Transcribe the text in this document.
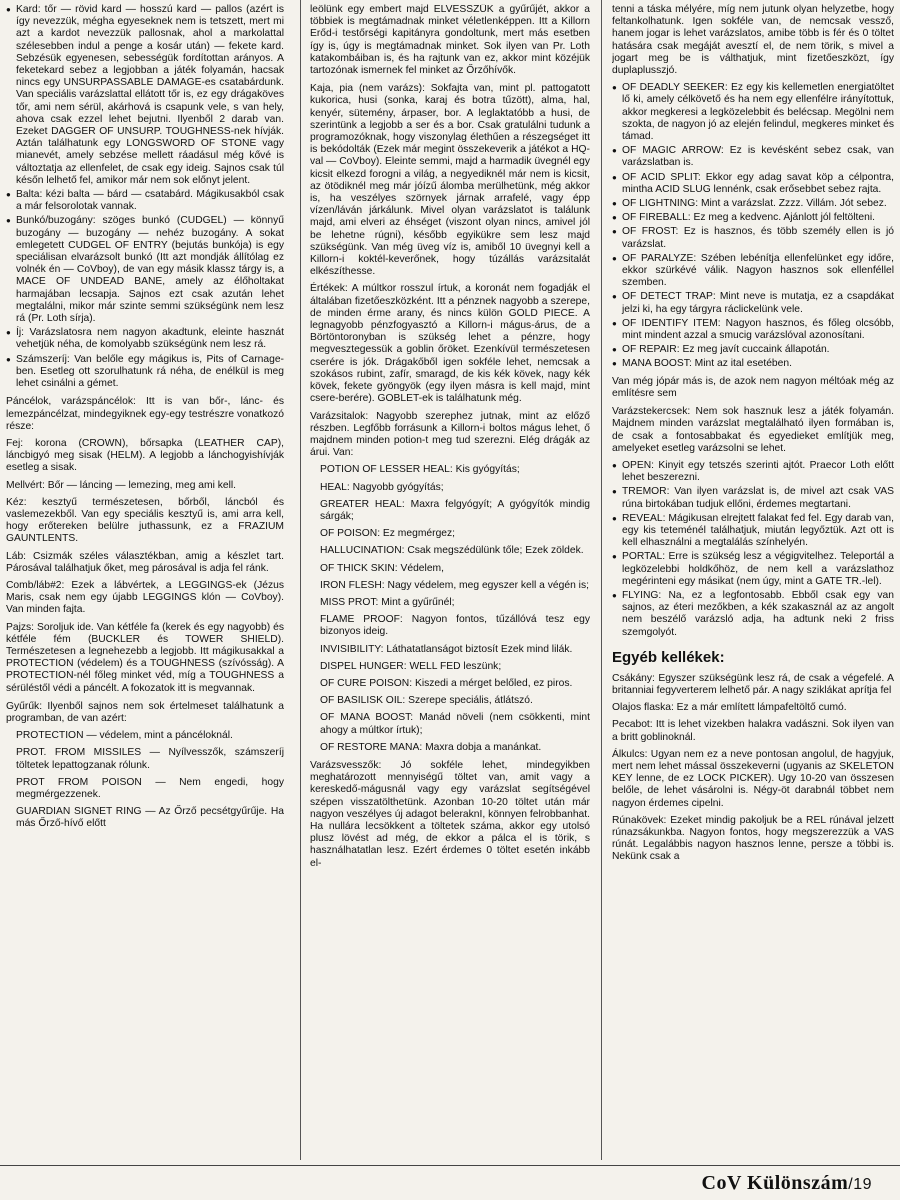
● Kard: tőr — rövid kard — hosszú kard — pallos (azért is így nevezzük, mégha egyeseknek nem is tetszett, mert mi azt a kardot nevezzük pallosnak, ahol a markolattal szélesebben indul a penge a kosár után) — fekete kard. Sebzésük egyenesen, sebességük fordítottan arányos. A feketekard sebez a legjobban a játék folyamán, hacsak nincs egy UNSURPASSABLE DAMAGE-es csatabárdunk. Van speciális varázslattal ellátott tőr is, ez egy drágaköves tőr, ami nem sérül, akárhová is csapunk vele, s van hely, ahova csak ezzel lehet bejutni. Ilyenből 2 darab van. Ezeket DAGGER OF UNSURP. TOUGHNESS-nek hívják. Aztán találhatunk egy LONGSWORD OF STONE vagy mianevét, amely sebzése mellett ráadásul még kővé is változtatja az ellenfelet, de csak egy ideig. Sajnos csak túl későn lelhető fel, amikor már nem sok előnyt jelent.
● Balta: kézi balta — bárd — csatabárd. Mágikusakból csak a már felsorolotak vannak.
● Bunkó/buzogány: szöges bunkó (CUDGEL) — könnyű buzogány — buzogány — nehéz buzogány. A sokat emlegetett CUDGEL OF ENTRY (bejutás bunkója) is egy speciálisan elvarázsolt bunkó (Itt azt mondják állítólag ez volnék én — CoVboy), de van egy másik klassz tárgy is, a MACE OF UNDEAD BANE, amely az élőholtakat harmajában lecsapja. Sajnos ezt csak azután lehet megtalálni, mikor már szinte semmi szükségünk nem lesz rá (Pr. Loth sírja).
● Íj: Varázslatosra nem nagyon akadtunk, eleinte hasznát vehetjük néha, de komolyabb szükségünk nem lesz rá.
● Számszeríj: Van belőle egy mágikus is, Pits of Carnage-ben. Esetleg ott szorulhatunk rá néha, de enélkül is meg lehet csinálni a gémet.

Páncélok, varázspáncélok: Itt is van bőr-, lánc- és lemezpáncélzat, mindegyiknek egy-egy testrészre vonatkozó része:

Fej: korona (CROWN), bőrsapka (LEATHER CAP), láncbigyó meg sisak (HELM). A legjobb a lánchogyishívják esetleg a sisak.

Mellvért: Bőr — láncing — lemezing, meg ami kell.

Kéz: kesztyű természetesen, bőrből, láncból és vaslemezekből. Van egy speciális kesztyű is, ami arra kell, hogy erőtereken belülre juthassunk, ez a FRAZIUM GAUNTLENTS.

Láb: Csizmák széles választékban, amig a készlet tart. Párosával találhatjuk őket, meg párosával is adja fel ránk.

Comb/láb#2: Ezek a lábvértek, a LEGGINGS-ek (Jézus Maris, csak nem egy újabb LEGGINGS klón — CoVboy). Van minden fajta.

Pajzs: Soroljuk ide. Van kétféle fa (kerek és egy nagyobb) és kétféle fém (BUCKLER és TOWER SHIELD). Természetesen a legnehezebb a legjobb. Itt mágikusakkal a PROTECTION (védelem) és a TOUGHNESS (szívósság). A PROTECTION-nél főleg minket véd, míg a TOUGHNESS a sérüléstől védi a páncélt. A fokozatok itt is megvannak.

Gyűrűk: Ilyenből sajnos nem sok értelmeset találhatunk a programban, de van azért:

PROTECTION — védelem, mint a páncéloknál.

PROT. FROM MISSILES — Nyílvesszők, számszeríj töltetek lepattogzanak rólunk.

PROT FROM POISON — Nem engedi, hogy megmérgezzenek.

GUARDIAN SIGNET RING — Az Őrző pecsétgyűrűje. Ha más Őrző-hívő előtt

leölünk egy embert majd ELVESSZÜK a gyűrűjét, akkor a többiek is megtámadnak minket véletlenképpen. Itt a Killorn Erőd-i testőrségi kapitányra gondoltunk, mert más esetben így is, úgy is megtámadnak minket. Sok ilyen van Pr. Loth katakombáiban is, és ha rajtunk van ez, akkor mint közéjük tartozónak ismernek fel minket az Őrzőhívők.

Kaja, pia (nem varázs): Sokfajta van, mint pl. pattogatott kukorica, husi (sonka, karaj és botra tűzött), alma, hal, kenyér, sütemény, árpaser, bor. A leglaktatóbb a husi, de szerintünk a legjobb a ser és a bor. Csak gratulálni tudunk a programozóknak, hogy viszonylag élethűen a részegséget itt is bekódolták (Ezek már megint összekeverik a játékot a HQ-val — CoVboy). Eleinte semmi, majd a harmadik üvegnél egy kicsit elkezd forogni a világ, a negyediknél már nem is kicsit, az ötödiknél meg már jóízű álomba merülhetünk, még akkor is, ha veszélyes szörnyek járnak arrafelé, vagy épp vízen/láván járkálunk. Mivel olyan varázslatot is találunk majd, ami elveri az éhséget (viszont olyan nincs, amivel jól be lehetne rúgni), később egyikükre sem lesz majd szükségünk. Van még üveg víz is, amiből 10 üvegnyi kell a Killorn-i koktél-keverőnek, hogy túzállás varázsitalát elkészíthesse.

Értékek: A múltkor rosszul írtuk, a koronát nem fogadják el általában fizetőeszközként. Itt a pénznek nagyobb a szerepe, de minden érme arany, és nincs külön GOLD PIECE. A legnagyobb pénzfogyasztó a Killorn-i mágus-árus, de a Börtöntoronyban is szükség lehet a pénzre, hogy megvesztegessük a goblin őröket. Ezenkívül természetesen cserére is jók. Drágakőből igen sokféle lehet, nemcsak a szokásos rubint, zafír, smaragd, de kis kék kövek, nagy kék kövek, fekete gyöngyök (egy ilyen másra is kell majd, mint csere-berére). GOBLET-ek is találhatunk még.

Varázsitalok: Nagyobb szerephez jutnak, mint az előző részben. Legfőbb forrásunk a Killorn-i boltos mágus lehet, ő majdnem minden potion-t meg tud szerezni. Elég drágák az árui. Van:

POTION OF LESSER HEAL: Kis gyógyítás;

HEAL: Nagyobb gyógyítás;

GREATER HEAL: Maxra felgyógyít; A gyógyítók mindig sárgák;

OF POISON: Ez megmérgez;

HALLUCINATION: Csak megszédülünk tőle; Ezek zöldek.

OF THICK SKIN: Védelem,

IRON FLESH: Nagy védelem, meg egyszer kell a végén is;

MISS PROT: Mint a gyűrűnél;

FLAME PROOF: Nagyon fontos, tűzállóvá tesz egy bizonyos ideig.

INVISIBILITY: Láthatatlanságot biztosít Ezek mind lilák.

DISPEL HUNGER: WELL FED leszünk;

OF CURE POISON: Kiszedi a mérget belőled, ez piros.

OF BASILISK OIL: Szerepe speciális, átlátszó.

OF MANA BOOST: Manád növeli (nem csökkenti, mint ahogy a múltkor írtuk);

OF RESTORE MANA: Maxra dobja a manánkat.

Varázsvesszők: Jó sokféle lehet, mindegyikben meghatározott mennyiségű töltet van, amit vagy a kereskedő-mágusnál vagy egy varázslat segítségével szépen visszatölthetünk. Azonban 10-20 töltet után már nagyon veszélyes új adagot beleraknI, könnyen felrobbanhat. Ha nullára lecsökkent a töltetek száma, akkor egy utolsó plusz lövést ad még, de ekkor a pálca el is törik, s használhatatlan lesz. Ezért érdemes 0 töltet esetén inkább el-

tenni a táska mélyére, míg nem jutunk olyan helyzetbe, hogy feltankolhatunk. Igen sokféle van, de nemcsak vessző, hanem jogar is lehet varázslatos, amibe több is fér és 0 töltet hatására csak megáját avesztí el, de nem törik, s mivel a jogart meg be is válthatjuk, mint fizetőeszközt, így duplaplusszjó.

● OF DEADLY SEEKER: Ez egy kis kellemetlen energiatöltet lő ki, amely célkövető és ha nem egy ellenfélre irányítottuk, akkor megkeresi a legközelebbit és belécsap. Megölni nem szokta, de nagyon jó az elején felindul, megkeres minket és támad.
● OF MAGIC ARROW: Ez is kevésként sebez csak, van varázslatban is.
● OF ACID SPLIT: Ekkor egy adag savat köp a célpontra, mintha ACID SLUG lennénk, csak erősebbet sebez rajta.
● OF LIGHTNING: Mint a varázslat. Zzzz. Villám. Jót sebez.
● OF FIREBALL: Ez meg a kedvenc. Ajánlott jól feltölteni.
● OF FROST: Ez is hasznos, és több személy ellen is jó varázslat.
● OF PARALYZE: Szében lebénítja ellenfelünket egy időre, ekkor szürkévé válik. Nagyon hasznos sok ellenféllel szemben.
● OF DETECT TRAP: Mint neve is mutatja, ez a csapdákat jelzi ki, ha egy tárgyra ráclickelünk vele.
● OF IDENTIFY ITEM: Nagyon hasznos, és főleg olcsóbb, mint mindent azzal a smucig varázslóval azonosítani.
● OF REPAIR: Ez meg javít cuccaink állapotán.
● MANA BOOST: Mint az ital esetében.

Van még jópár más is, de azok nem nagyon méltóak még az említésre sem

Varázstekercsek: Nem sok hasznuk lesz a játék folyamán. Majdnem minden varázslat megtalálható ilyen formában is, de csak a fontosabbakat és egyedieket említjük meg, amelyeket esetleg varázsolni se lehet.

● OPEN: Kinyit egy tetszés szerinti ajtót. Praecor Loth előtt lehet beszerezni.
● TREMOR: Van ilyen varázslat is, de mivel azt csak VAS rúna birtokában tudjuk ellőni, érdemes megtartani.
● REVEAL: Mágikusan elrejtett falakat fed fel. Egy darab van, egy kis teteménél találhatjuk, miután legyőztük. Azt ott is kell elhasználni a megtalálás színhelyén.
● PORTAL: Erre is szükség lesz a végigvitelhez. Teleportál a legközelebbi holdkőhöz, de nem kell a varázslathoz megérinteni egy másikat (nem úgy, mint a GATE TR.-lel).
● FLYING: Na, ez a legfontosabb. Ebből csak egy van sajnos, az éteri mezőkben, a kék szakasznál az az angolt nem beszélő varázsló adja, ha adtunk neki 2 friss szemgolyót.
Egyéb kellékek:

Csákány: Egyszer szükségünk lesz rá, de csak a végefelé. A britanniai fegyverterem lelhető pár. A nagy sziklákat aprítja fel

Olajos flaska: Ez a már említett lámpafeltöltő cumó.

Pecabot: Itt is lehet vizekben halakra vadászni. Sok ilyen van a britt goblinoknál.

Álkulcs: Ugyan nem ez a neve pontosan angolul, de hagyjuk, mert nem lehet mással összekeverni (ugyanis az SKELETON KEY lenne, de ez LOCK PICKER). Ugy 10-20 van összesen belőle, de lehet vásárolni is. Négy-öt darabnál többet nem nagyon érdemes cipelni.

Rúnakövek: Ezeket mindig pakoljuk be a REL rúnával jelzett rúnazsákunkba. Nagyon fontos, hogy megszerezzük a VAS rúnát. Legalábbis nagyon hasznos lenne, persze a többi is. Nekünk csak a

CoV Különszám/19
